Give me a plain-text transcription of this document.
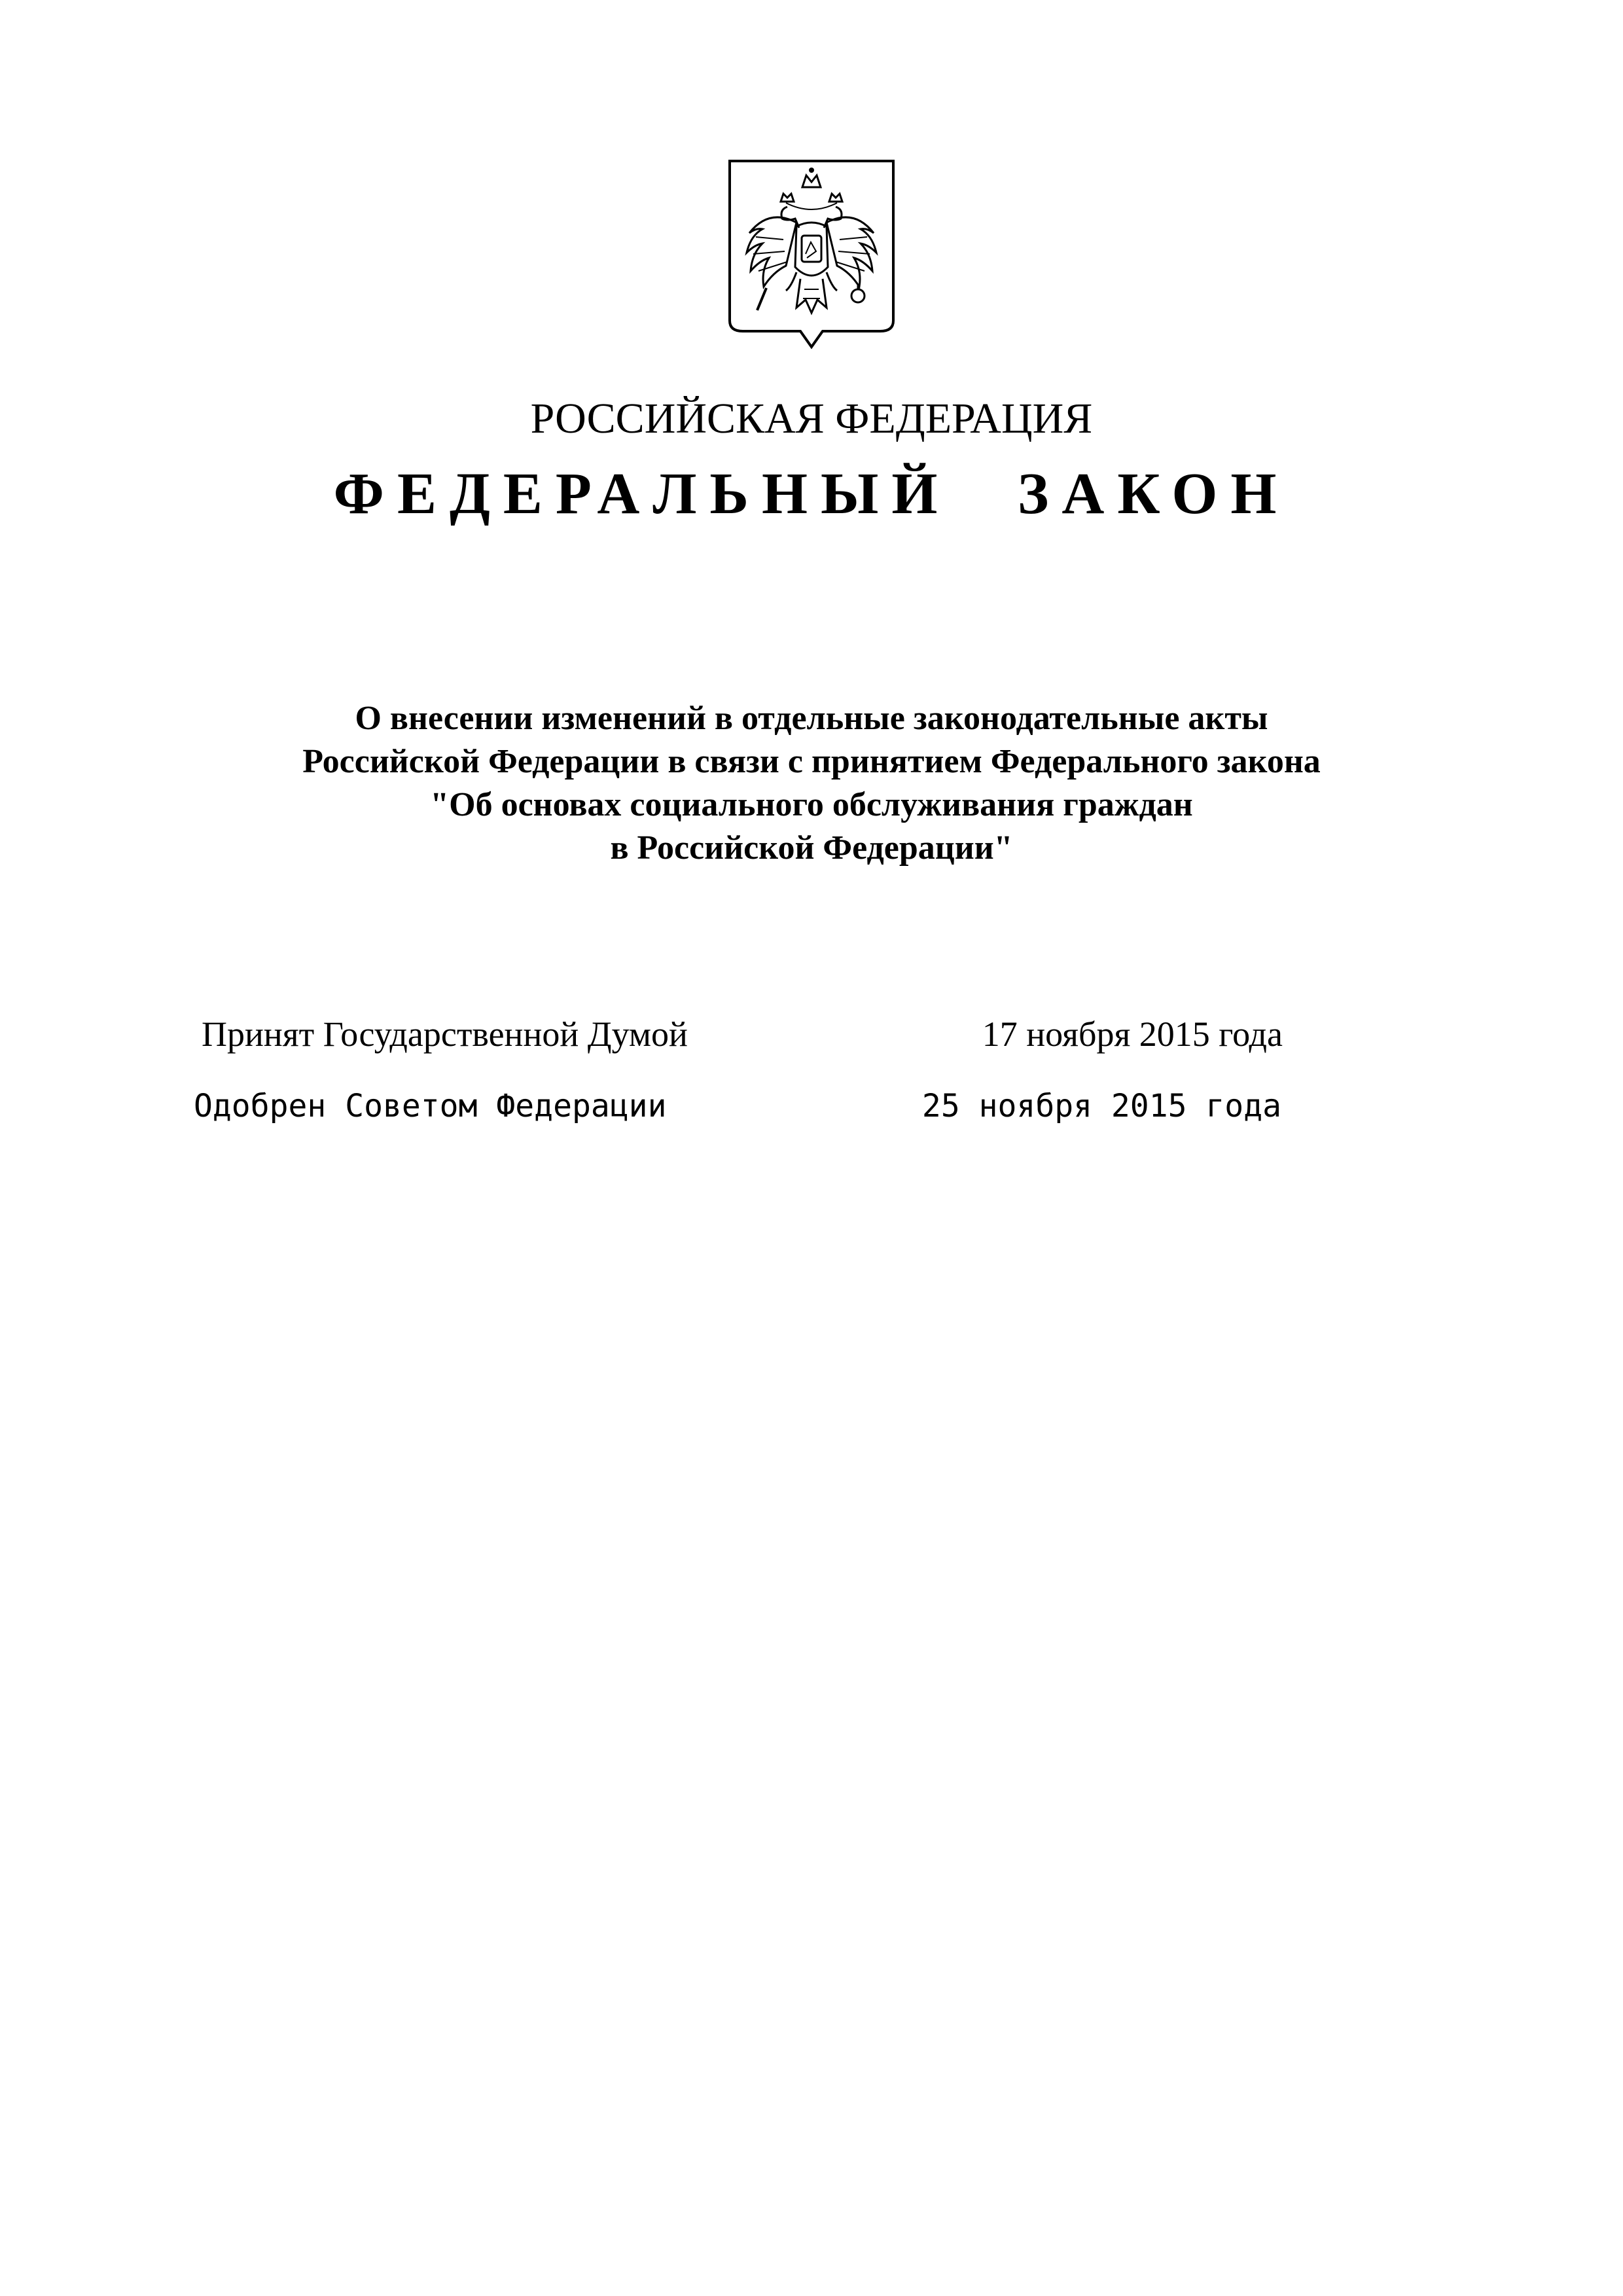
РОССИЙСКАЯ ФЕДЕРАЦИЯ
ФЕДЕРАЛЬНЫЙ ЗАКОН
О внесении изменений в отдельные законодательные акты
Российской Федерации в связи с принятием Федерального закона
"Об основах социального обслуживания граждан
в Российской Федерации"
Принят Государственной Думой	17 ноября 2015 года
Одобрен Советом Федерации	25 ноября 2015 года
